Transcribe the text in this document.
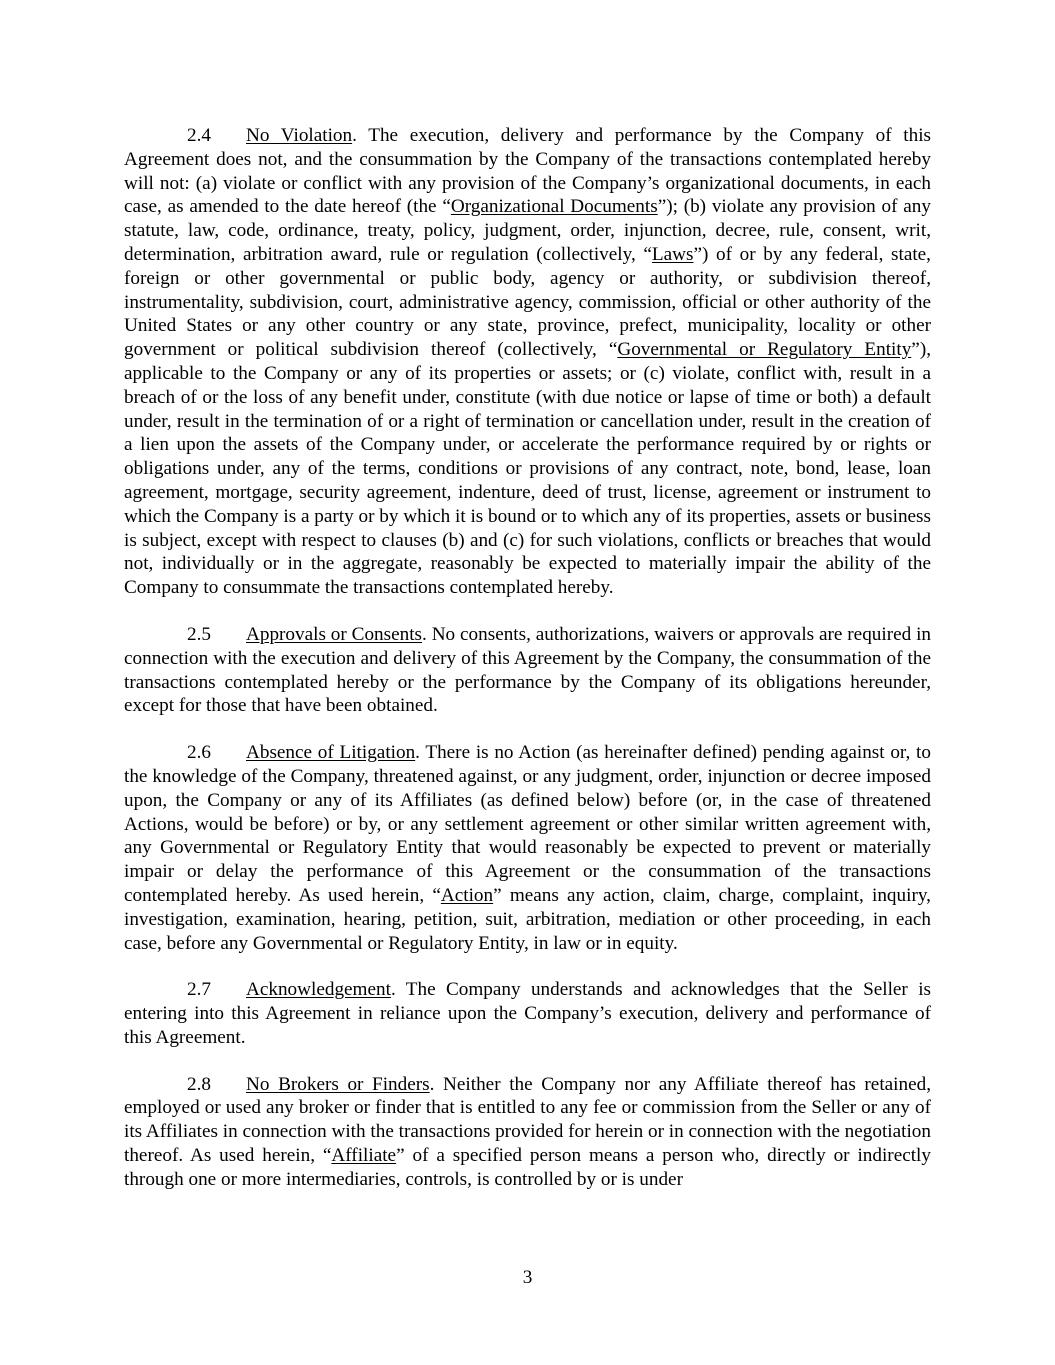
2.4 No Violation. The execution, delivery and performance by the Company of this Agreement does not, and the consummation by the Company of the transactions contemplated hereby will not: (a) violate or conflict with any provision of the Company’s organizational documents, in each case, as amended to the date hereof (the “Organizational Documents”); (b) violate any provision of any statute, law, code, ordinance, treaty, policy, judgment, order, injunction, decree, rule, consent, writ, determination, arbitration award, rule or regulation (collectively, “Laws”) of or by any federal, state, foreign or other governmental or public body, agency or authority, or subdivision thereof, instrumentality, subdivision, court, administrative agency, commission, official or other authority of the United States or any other country or any state, province, prefect, municipality, locality or other government or political subdivision thereof (collectively, “Governmental or Regulatory Entity”), applicable to the Company or any of its properties or assets; or (c) violate, conflict with, result in a breach of or the loss of any benefit under, constitute (with due notice or lapse of time or both) a default under, result in the termination of or a right of termination or cancellation under, result in the creation of a lien upon the assets of the Company under, or accelerate the performance required by or rights or obligations under, any of the terms, conditions or provisions of any contract, note, bond, lease, loan agreement, mortgage, security agreement, indenture, deed of trust, license, agreement or instrument to which the Company is a party or by which it is bound or to which any of its properties, assets or business is subject, except with respect to clauses (b) and (c) for such violations, conflicts or breaches that would not, individually or in the aggregate, reasonably be expected to materially impair the ability of the Company to consummate the transactions contemplated hereby.

2.5 Approvals or Consents. No consents, authorizations, waivers or approvals are required in connection with the execution and delivery of this Agreement by the Company, the consummation of the transactions contemplated hereby or the performance by the Company of its obligations hereunder, except for those that have been obtained.

2.6 Absence of Litigation. There is no Action (as hereinafter defined) pending against or, to the knowledge of the Company, threatened against, or any judgment, order, injunction or decree imposed upon, the Company or any of its Affiliates (as defined below) before (or, in the case of threatened Actions, would be before) or by, or any settlement agreement or other similar written agreement with, any Governmental or Regulatory Entity that would reasonably be expected to prevent or materially impair or delay the performance of this Agreement or the consummation of the transactions contemplated hereby. As used herein, “Action” means any action, claim, charge, complaint, inquiry, investigation, examination, hearing, petition, suit, arbitration, mediation or other proceeding, in each case, before any Governmental or Regulatory Entity, in law or in equity.

2.7 Acknowledgement. The Company understands and acknowledges that the Seller is entering into this Agreement in reliance upon the Company’s execution, delivery and performance of this Agreement.

2.8 No Brokers or Finders. Neither the Company nor any Affiliate thereof has retained, employed or used any broker or finder that is entitled to any fee or commission from the Seller or any of its Affiliates in connection with the transactions provided for herein or in connection with the negotiation thereof. As used herein, “Affiliate” of a specified person means a person who, directly or indirectly through one or more intermediaries, controls, is controlled by or is under

3
